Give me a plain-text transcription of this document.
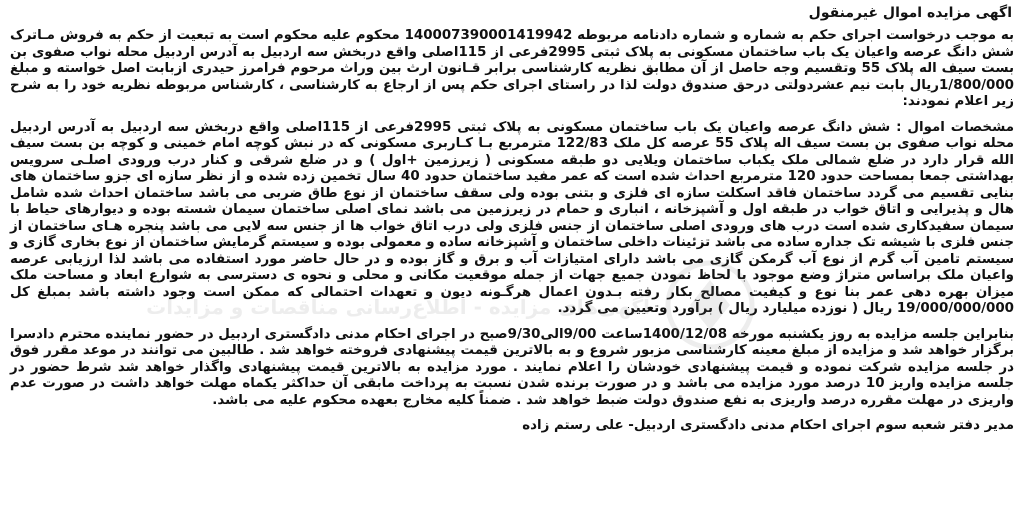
اگهی مزایده اموال غیرمنقول
به موجب درخواست اجرای حکم به شماره و شماره دادنامه مربوطه 140007390001419942 محکوم علیه محکوم است به تبعیت از حکم به فروش مـاترک شش دانگ عرصه واعیان یک باب ساختمان مسکونی به پلاک ثبتی 2995فرعی از 115اصلی واقع دربخش سه اردبیل به آدرس اردبیل محله نواب صفوی بن بست سیف اله پلاک 55 وتقسیم وجه حاصل از آن مطابق نظریه کارشناسی برابر قـانون ارث بین وراث مرحوم فرامرز حیدری ازبابت اصل خواسته و مبلغ 1/800/000ریال بابت نیم عشردولتی درحق صندوق دولت لذا در راستای اجرای حکم پس از ارجاع به کارشناسی ، کارشناس مربوطه نظریه خود را به شرح زیر اعلام نمودند:
مشخصات اموال : شش دانگ عرصه واعیان یک باب ساختمان مسکونی به پلاک ثبتی 2995فرعی از 115اصلی واقع دربخش سه اردبیل به آدرس اردبیل محله نواب صفوی بن بست سیف اله پلاک 55 عرصه کل ملک 122/83 مترمربع بـا کـاربری مسکونی که در نبش کوچه امام خمینی و کوچه بن بست سیف الله قرار دارد در ضلع شمالی ملک یکباب ساختمان ویلایی دو طبقه مسکونی ( زیرزمین +اول ) و در ضلع شرقی و کنار درب ورودی اصلـی سرویس بهداشتی جمعا بمساحت حدود 120 مترمربع احداث شده است که عمر مفید ساختمان حدود 40 سال تخمین زده شده و از نظر سازه ای جزو ساختمان های بنایی تقسیم می گردد ساختمان فاقد اسکلت سازه ای فلزی و بتنی بوده ولی سقف ساختمان از نوع طاق ضربی می باشد ساختمان احداث شده شامل هال و پذیرایی و اتاق خواب در طبقه اول و آشپزخانه ، انباری و حمام در زیرزمین می باشد نمای اصلی ساختمان سیمان شسته بوده و دیوارهای حیاط با سیمان سفیدکاری شده است درب های ورودی اصلی ساختمان از جنس فلزی ولی درب اتاق خواب ها از جنس سه لایی می باشد پنجره هـای ساختمان از جنس فلزی با شیشه تک جداره ساده می باشد تزئینات داخلی ساختمان و آشپزخانه ساده و معمولی بوده و سیستم گرمایش ساختمان از نوع بخاری گازی و سیستم تامین آب گرم از نوع آب گرمکن گازی می باشد دارای امتیازات آب و برق و گاز بوده و در حال حاضر مورد استفاده می باشد لذا ارزیابی عرصه واعیان ملک براساس متراژ وضع موجود با لحاظ نمودن جمیع جهات از جمله موقعیت مکانی و محلی و نحوه ی دسترسی به شوارع ابعاد و مساحت ملک میزان بهره دهی عمر بنا نوع و کیفیت مصالح بکار رفته بـدون اعمال هرگـونه دیون و تعهدات احتمالی که ممکن است وجود داشته باشد بمبلغ کل 19/000/000/000 ریال ( نوزده میلیارد ریال ) برآورد وتعیین می گردد.
بنابراین جلسه مزایده به روز یکشنبه مورخه 1400/12/08ساعت 9/00الی9/30صبح در اجرای احکام مدنی دادگستری اردبیل در حضور نماینده محترم دادسرا برگزار خواهد شد و مزایده از مبلغ معینه کارشناسی مزبور شروع و به بالاترین قیمت پیشنهادی فروخته خواهد شد . طالبین می توانند در موعد مقرر فوق در جلسه مزایده شرکت نموده و قیمت پیشنهادی خودشان را اعلام نمایند . مورد مزایده به بالاترین قیمت پیشنهادی واگذار خواهد شد شرط حضور در جلسه مزایده واریز 10 درصد مورد مزایده می باشد و در صورت برنده شدن نسبت به پرداخت مابقی آن حداکثر یکماه مهلت خواهد داشت در صورت عدم واریزی در مهلت مقرره درصد واریزی به نفع صندوق دولت ضبط خواهد شد . ضمناً کلیه مخارج بعهده محکوم علیه می باشد.
مدیر دفتر شعبه سوم اجرای احکام مدنی دادگستری اردبیل- علی رستم زاده
آگهی‌های مزایده - اطلاع‌رسانی مناقصات و مزایدات
